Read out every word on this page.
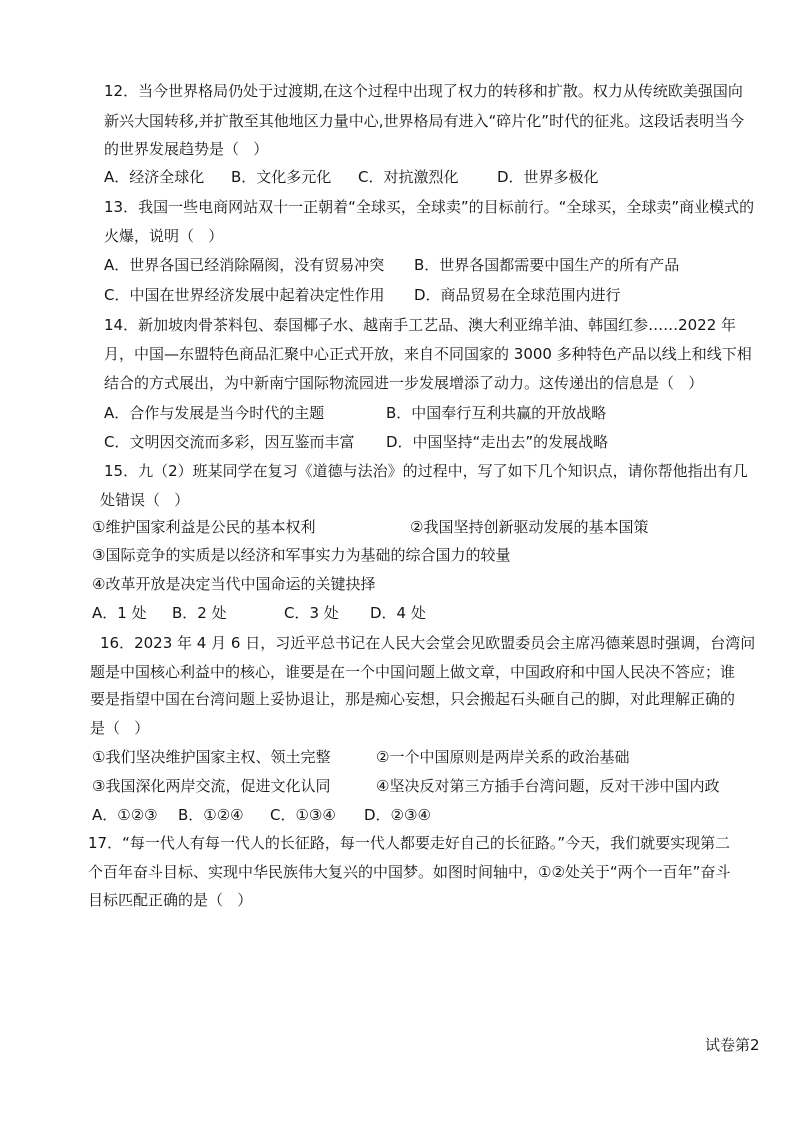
12．当今世界格局仍处于过渡期,在这个过程中出现了权力的转移和扩散。权力从传统欧美强国向
新兴大国转移,并扩散至其他地区力量中心,世界格局有进入“碎片化”时代的征兆。这段话表明当今
的世界发展趋势是（   ）
A．经济全球化 B．文化多元化 C．对抗激烈化	D．世界多极化
13．我国一些电商网站双十一正朝着“全球买，全球卖”的目标前行。“全球买，全球卖”商业模式的
火爆，说明（   ）
A．世界各国已经消除隔阂，没有贸易冲突 B．世界各国都需要中国生产的所有产品
C．中国在世界经济发展中起着决定性作用 D．商品贸易在全球范围内进行
14．新加坡肉骨茶料包、泰国椰子水、越南手工艺品、澳大利亚绵羊油、韩国红参……2022 年
月，中国—东盟特色商品汇聚中心正式开放，来自不同国家的 3000 多种特色产品以线上和线下相
结合的方式展出，为中新南宁国际物流园进一步发展增添了动力。这传递出的信息是（   ）
A．合作与发展是当今时代的主题	B．中国奉行互利共赢的开放战略
C．文明因交流而多彩，因互鉴而丰富 D．中国坚持“走出去”的发展战略
15．九（2）班某同学在复习《道德与法治》的过程中，写了如下几个知识点，请你帮他指出有几
处错误（   ）
①维护国家利益是公民的基本权利	②我国坚持创新驱动发展的基本国策
③国际竞争的实质是以经济和军事实力为基础的综合国力的较量
④改革开放是决定当代中国命运的关键抉择
A．1 处 B．2 处	C．3 处 D．4 处
16．2023 年 4 月 6 日，习近平总书记在人民大会堂会见欧盟委员会主席冯德莱恩时强调，台湾问
题是中国核心利益中的核心，谁要是在一个中国问题上做文章，中国政府和中国人民决不答应；谁
要是指望中国在台湾问题上妥协退让，那是痴心妄想，只会搬起石头砸自己的脚，对此理解正确的
是（   ）
①我们坚决维护国家主权、领土完整	②一个中国原则是两岸关系的政治基础
③我国深化两岸交流，促进文化认同	④坚决反对第三方插手台湾问题，反对干涉中国内政
A．①②③ B．①②④ C．①③④ D．②③④
17．“每一代人有每一代人的长征路，每一代人都要走好自己的长征路。”今天，我们就要实现第二
个百年奋斗目标、实现中华民族伟大复兴的中国梦。如图时间轴中，①②处关于“两个一百年”奋斗
目标匹配正确的是（   ）
试卷第2
